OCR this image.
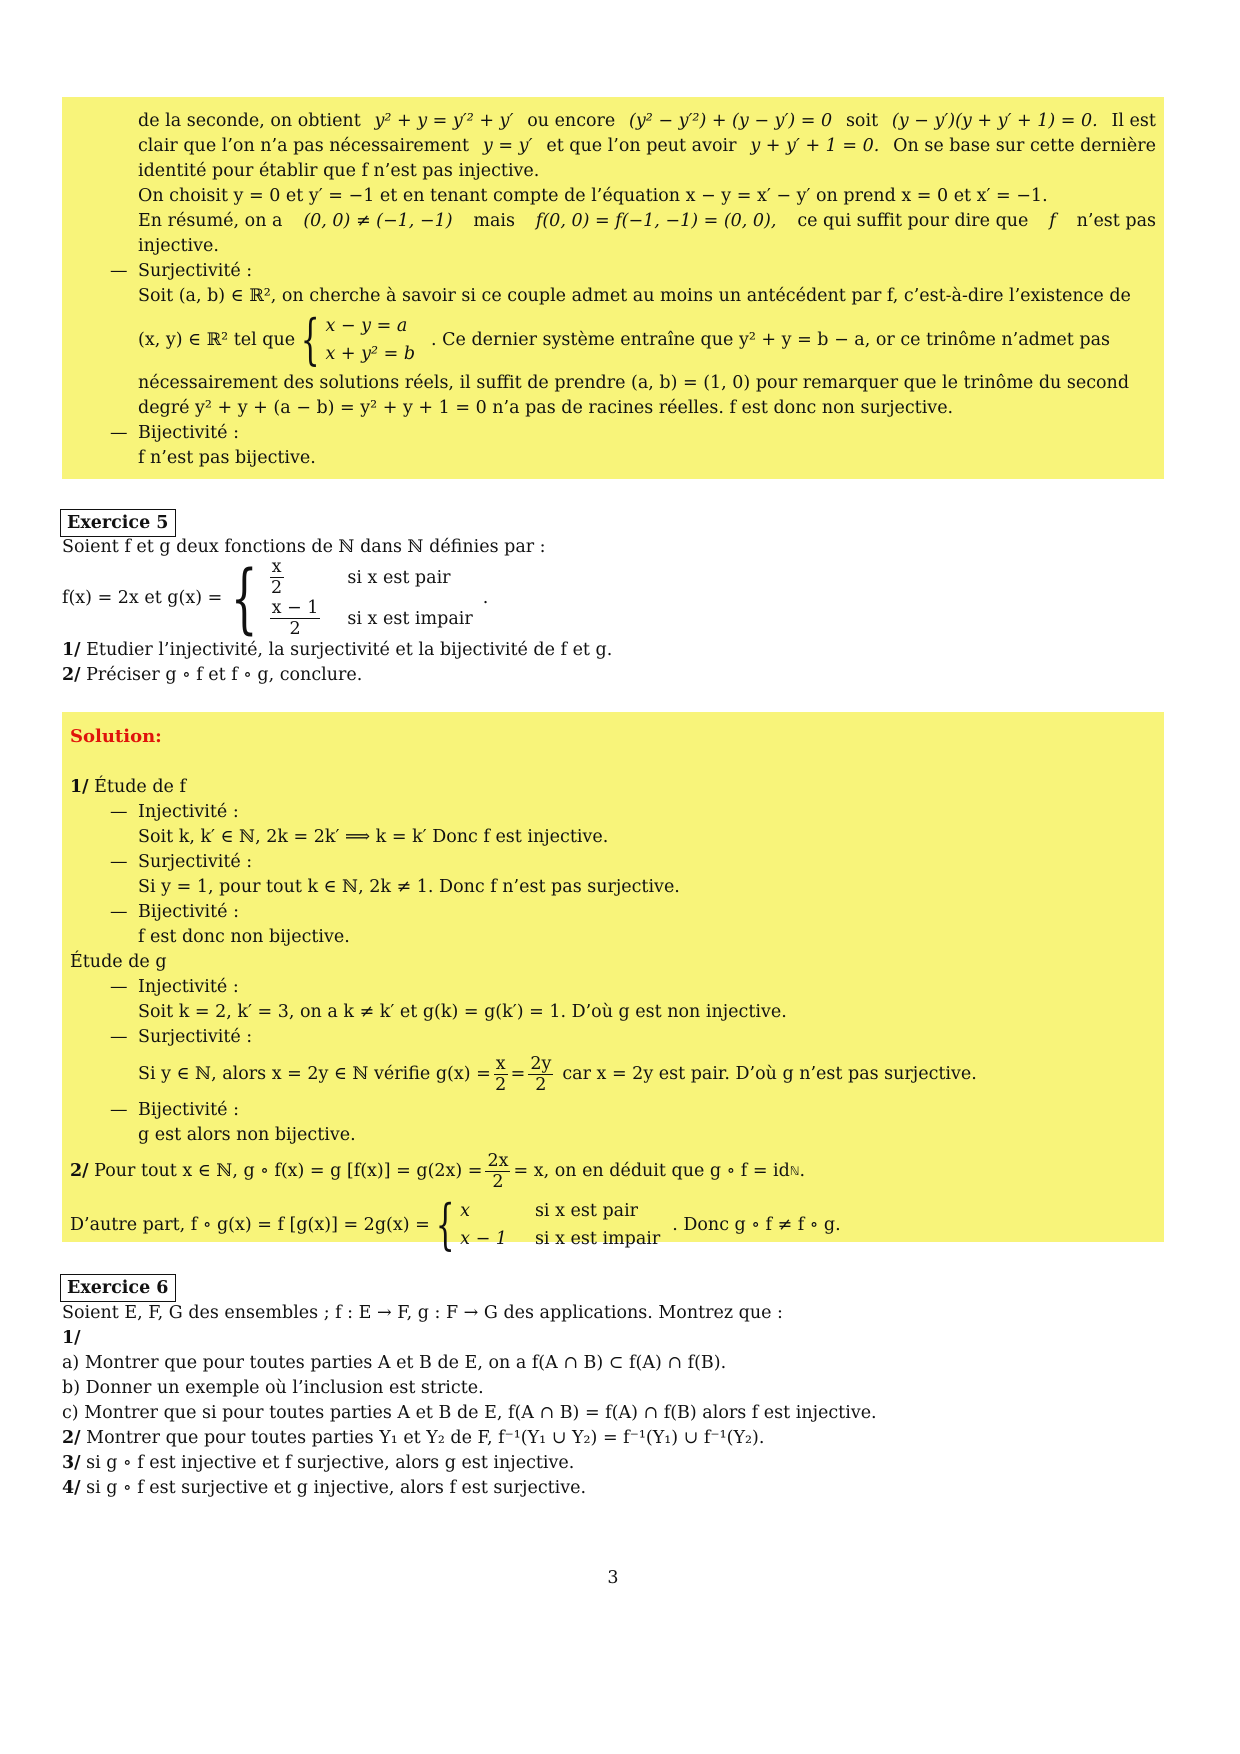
de la seconde, on obtient y² + y = y′² + y′ ou encore (y² − y′²) + (y − y′) = 0 soit (y − y′)(y + y′ + 1) = 0. Il est
clair que l’on n’a pas nécessairement y = y′ et que l’on peut avoir y + y′ + 1 = 0. On se base sur cette dernière
identité pour établir que f n’est pas injective.
On choisit y = 0 et y′ = −1 et en tenant compte de l’équation x − y = x′ − y′ on prend x = 0 et x′ = −1.
En résumé, on a (0, 0) ≠ (−1, −1) mais f(0, 0) = f(−1, −1) = (0, 0), ce qui suffit pour dire que f n’est pas
injective.
— Surjectivité :
Soit (a, b) ∈ ℝ², on cherche à savoir si ce couple admet au moins un antécédent par f, c’est-à-dire l’existence de
(x, y) ∈ ℝ² tel que { x − y = a
x + y² = b
. Ce dernier système entraîne que y² + y = b − a, or ce trinôme n’admet pas
nécessairement des solutions réels, il suffit de prendre (a, b) = (1, 0) pour remarquer que le trinôme du second
degré y² + y + (a − b) = y² + y + 1 = 0 n’a pas de racines réelles. f est donc non surjective.
— Bijectivité :
f n’est pas bijective.
Exercice 5
Soient f et g deux fonctions de ℕ dans ℕ définies par :
f(x) = 2x et g(x) = { $\frac{x}{2}$	si x est pair

$\frac{x - 1}{2}$	si x est impair
.
1/ Etudier l’injectivité, la surjectivité et la bijectivité de f et g.
2/ Préciser g ∘ f et f ∘ g, conclure.
Solution:
1/ Étude de f
— Injectivité :
Soit k, k′ ∈ ℕ, 2k = 2k′ ⟹ k = k′ Donc f est injective.
— Surjectivité :
Si y = 1, pour tout k ∈ ℕ, 2k ≠ 1. Donc f n’est pas surjective.
— Bijectivité :
f est donc non bijective.
Étude de g
— Injectivité :
Soit k = 2, k′ = 3, on a k ≠ k′ et g(k) = g(k′) = 1. D’où g est non injective.
— Surjectivité :
Si y ∈ ℕ, alors x = 2y ∈ ℕ vérifie $g(x) = \frac{x}{2} = \frac{2y}{2}$ car x = 2y est pair. D’où g n’est pas surjective.
— Bijectivité :
g est alors non bijective.
2/
Pour tout x ∈ ℕ, g ∘ f(x) = g $[f(x)] = g(2x) = \frac{2x}{2} = x$, on en déduit que g ∘ f = id ℕ .
D’autre part, f ∘ g(x) = f [g(x)] = 2g(x) = { x	si x est pair
x − 1	si x est impair
. Donc g ∘ f ≠ f ∘ g.
Exercice 6
Soient E, F, G des ensembles ; f : E → F, g : F → G des applications. Montrez que :
1/
a) Montrer que pour toutes parties A et B de E, on a f(A ∩ B) ⊂ f(A) ∩ f(B).
b) Donner un exemple où l’inclusion est stricte.
c) Montrer que si pour toutes parties A et B de E, f(A ∩ B) = f(A) ∩ f(B) alors f est injective.
2/ Montrer que pour toutes parties Y₁ et Y₂ de F, f⁻¹(Y₁ ∪ Y₂) = f⁻¹(Y₁) ∪ f⁻¹(Y₂).
3/ si g ∘ f est injective et f surjective, alors g est injective.
4/ si g ∘ f est surjective et g injective, alors f est surjective.
3
